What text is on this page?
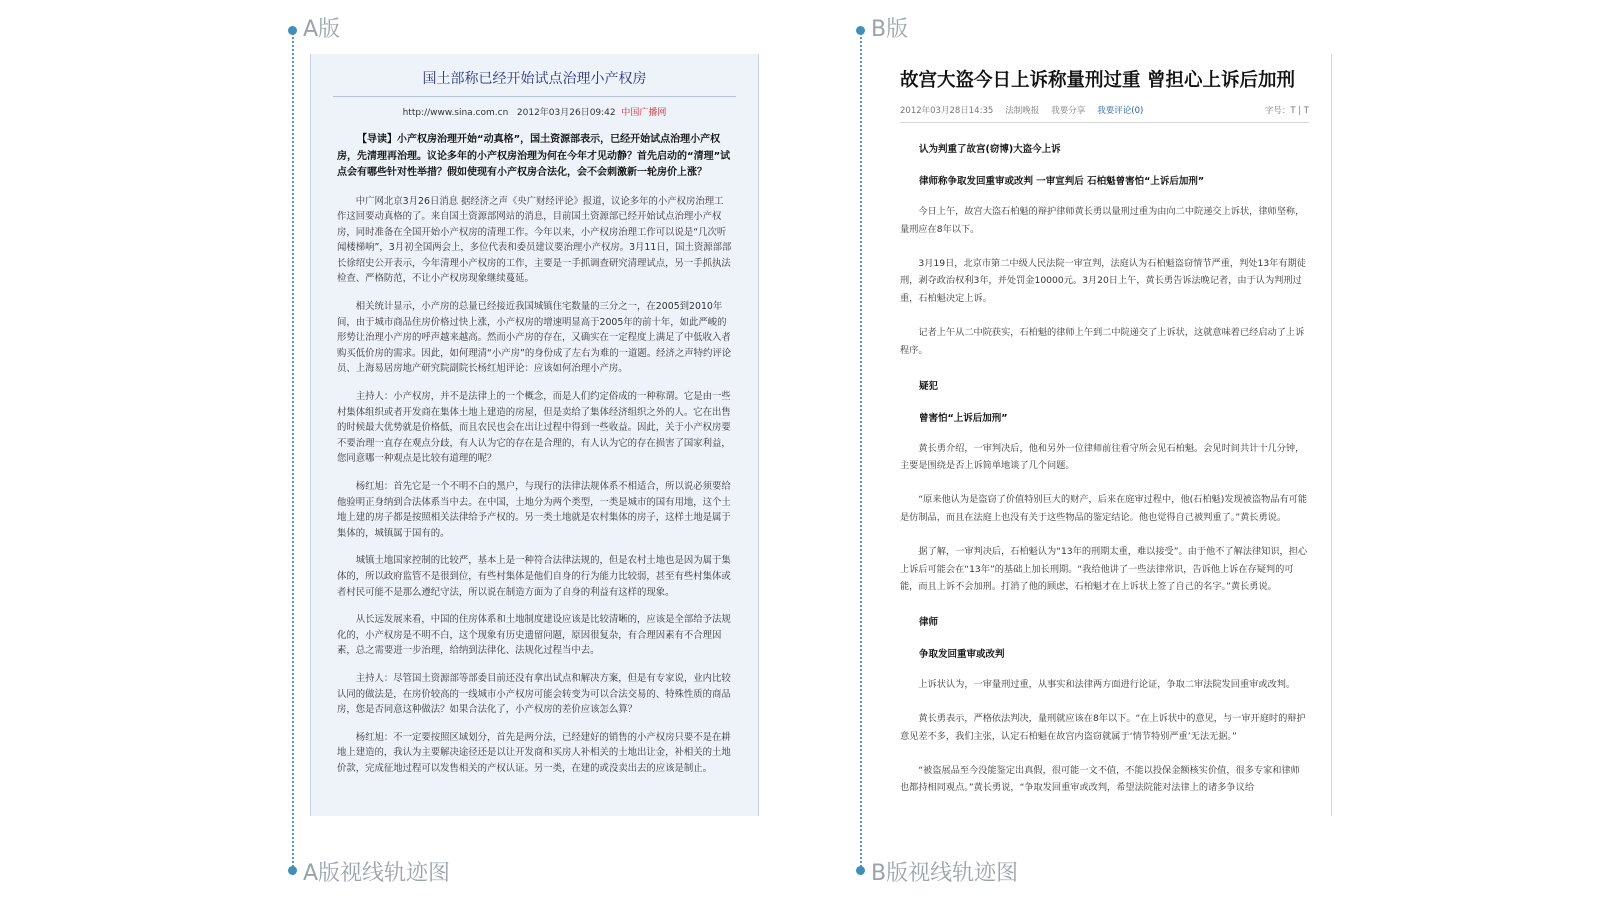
A版
A版视线轨迹图
B版
B版视线轨迹图
国土部称已经开始试点治理小产权房
http://www.sina.com.cn 2012年03月26日09:42 中国广播网
【导读】小产权房治理开始“动真格”，国土资源部表示，已经开始试点治理小产权房，先清理再治理。议论多年的小产权房治理为何在今年才见动静？首先启动的“清理”试点会有哪些针对性举措？假如使现有小产权房合法化，会不会刺激新一轮房价上涨？
中广网北京3月26日消息 据经济之声《央广财经评论》报道，议论多年的小产权房治理工作这回要动真格的了。来自国土资源部网站的消息，目前国土资源部已经开始试点治理小产权房，同时准备在全国开始小产权房的清理工作。今年以来，小产权房治理工作可以说是“几次听闻楼梯响”，3月初全国两会上，多位代表和委员建议要治理小产权房。3月11日，国土资源部部长徐绍史公开表示，今年清理小产权房的工作，主要是一手抓调查研究清理试点，另一手抓执法检查、严格防范，不让小产权房现象继续蔓延。
相关统计显示，小产房的总量已经接近我国城镇住宅数量的三分之一，在2005到2010年间，由于城市商品住房价格过快上涨，小产权房的增速明显高于2005年的前十年，如此严峻的形势让治理小产房的呼声越来越高。然而小产房的存在，又确实在一定程度上满足了中低收入者购买低价房的需求。因此，如何理清“小产房”的身份成了左右为难的一道题。经济之声特约评论员、上海易居房地产研究院副院长杨红旭评论：应该如何治理小产房。
主持人：小产权房，并不是法律上的一个概念，而是人们约定俗成的一种称谓。它是由一些村集体组织或者开发商在集体土地上建造的房屋，但是卖给了集体经济组织之外的人。它在出售的时候最大优势就是价格低，而且农民也会在出让过程中得到一些收益。因此，关于小产权房要不要治理一直存在观点分歧，有人认为它的存在是合理的，有人认为它的存在损害了国家利益，您同意哪一种观点是比较有道理的呢？
杨红旭：首先它是一个不明不白的黑户，与现行的法律法规体系不相适合，所以说必须要给他验明正身纳到合法体系当中去。在中国，土地分为两个类型，一类是城市的国有用地，这个土地上建的房子都是按照相关法律给予产权的。另一类土地就是农村集体的房子，这样土地是属于集体的，城镇属于国有的。
城镇土地国家控制的比较严，基本上是一种符合法律法规的，但是农村土地也是因为属于集体的，所以政府监管不是很到位，有些村集体是他们自身的行为能力比较弱，甚至有些村集体或者村民可能不是那么遵纪守法，所以说在制造方面为了自身的利益有这样的现象。
从长远发展来看，中国的住房体系和土地制度建设应该是比较清晰的，应该是全部给予法规化的，小产权房是不明不白，这个现象有历史遗留问题，原因很复杂，有合理因素有不合理因素，总之需要进一步治理，给纳到法律化、法规化过程当中去。
主持人：尽管国土资源部等部委目前还没有拿出试点和解决方案，但是有专家说，业内比较认同的做法是，在房价较高的一线城市小产权房可能会转变为可以合法交易的、特殊性质的商品房，您是否同意这种做法？如果合法化了，小产权房的差价应该怎么算？
杨红旭：不一定要按照区域划分，首先是两分法，已经建好的销售的小产权房只要不是在耕地上建造的，我认为主要解决途径还是以让开发商和买房人补相关的土地出让金，补相关的土地价款，完成征地过程可以发售相关的产权认证。另一类，在建的或没卖出去的应该是制止。
故宫大盗今日上诉称量刑过重 曾担心上诉后加刑
2012年03月28日14:35 法制晚报 我要分享 我要评论(0)	字号：T | T
认为判重了故宫(窃博)大盗今上诉
律师称争取发回重审或改判 一审宣判后 石柏魁曾害怕“上诉后加刑”
今日上午，故宫大盗石柏魁的辩护律师黄长勇以量刑过重为由向二中院递交上诉状，律师坚称，量刑应在8年以下。
3月19日，北京市第二中级人民法院一审宣判，法庭认为石柏魁盗窃情节严重，判处13年有期徒刑，剥夺政治权利3年，并处罚金10000元。3月20日上午，黄长勇告诉法晚记者，由于认为判刑过重，石柏魁决定上诉。
记者上午从二中院获实，石柏魁的律师上午到二中院递交了上诉状，这就意味着已经启动了上诉程序。
疑犯
曾害怕“上诉后加刑”
黄长勇介绍，一审判决后，他和另外一位律师前往看守所会见石柏魁。会见时间共计十几分钟，主要是围绕是否上诉简单地谈了几个问题。
“原来他认为是盗窃了价值特别巨大的财产，后来在庭审过程中，他(石柏魁)发现被盗物品有可能是仿制品，而且在法庭上也没有关于这些物品的鉴定结论。他也觉得自己被判重了。”黄长勇说。
据了解，一审判决后，石柏魁认为“13年的刑期太重，难以接受”。由于他不了解法律知识，担心上诉后可能会在“13年”的基础上加长刑期。“我给他讲了一些法律常识，告诉他上诉在存疑判的可能，而且上诉不会加刑。打消了他的顾虑，石柏魁才在上诉状上签了自己的名字。”黄长勇说。
律师
争取发回重审或改判
上诉状认为，一审量刑过重，从事实和法律两方面进行论证，争取二审法院发回重审或改判。
黄长勇表示，严格依法判决，量刑就应该在8年以下。“在上诉状中的意见，与一审开庭时的辩护意见差不多，我们主张，认定石柏魁在故宫内盗窃就属于‘情节特别严重’无法无据。”
“被盗展品至今没能鉴定出真假，很可能一文不值，不能以投保金额核实价值，很多专家和律师也都持相同观点。”黄长勇说，“争取发回重审或改判，希望法院能对法律上的诸多争议给
